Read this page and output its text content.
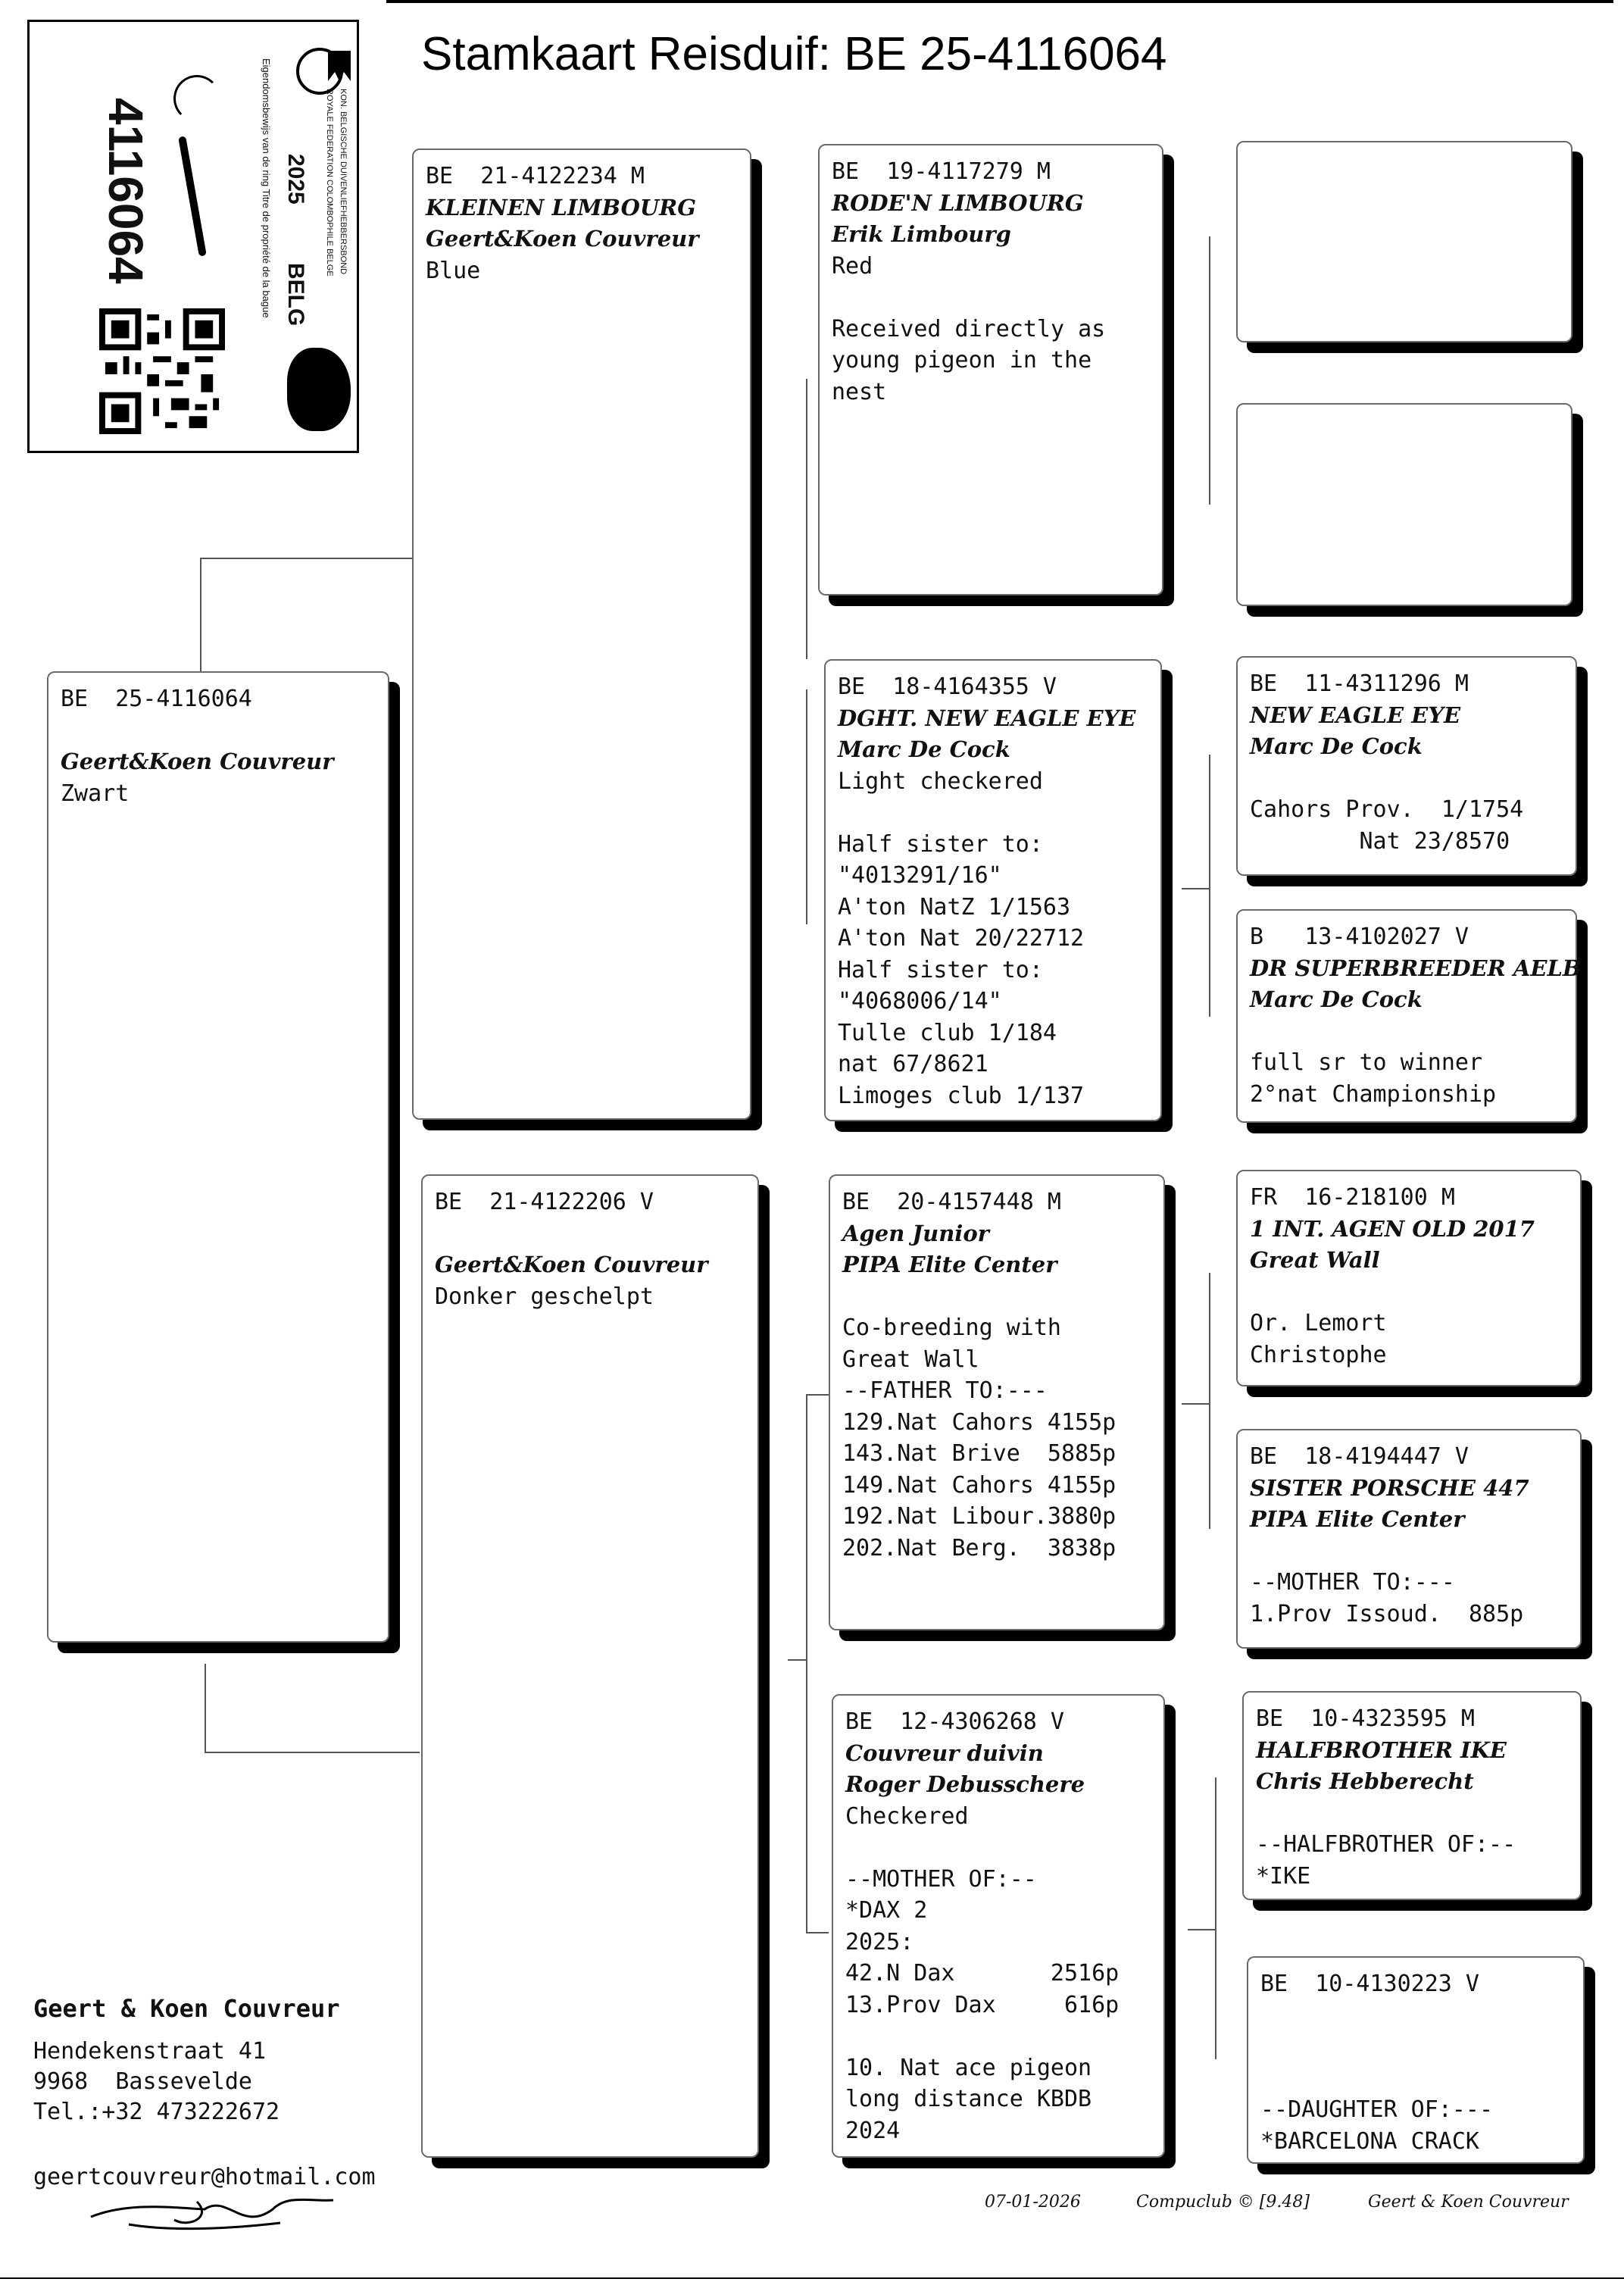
Stamkaart Reisduif: BE 25-4116064
4116064	2025
BELG
KON. BELGISCHE DUIVENLIEFHEBBERSBOND
ROYALE FEDERATION COLOMBOPHILE BELGE
Eigendomsbewijs van de ring Titre de propriété de la bague
BE  25-4116064
Geert&Koen Couvreur
Zwart
BE  21-4122234 M
KLEINEN LIMBOURG
Geert&Koen Couvreur
Blue
BE  21-4122206 V
Geert&Koen Couvreur
Donker geschelpt
BE  19-4117279 M
RODE'N LIMBOURG
Erik Limbourg
Red
Received directly as
young pigeon in the
nest
BE  18-4164355 V
DGHT. NEW EAGLE EYE
Marc De Cock
Light checkered
Half sister to:
"4013291/16"
A'ton NatZ 1/1563
A'ton Nat 20/22712
Half sister to:
"4068006/14"
Tulle club 1/184
nat 67/8621
Limoges club 1/137
BE  20-4157448 M
Agen Junior
PIPA Elite Center
Co-breeding with
Great Wall
--FATHER TO:---
129.Nat Cahors 4155p
143.Nat Brive  5885p
149.Nat Cahors 4155p
192.Nat Libour.3880p
202.Nat Berg.  3838p
BE  12-4306268 V
Couvreur duivin
Roger Debusschere
Checkered
--MOTHER OF:--
*DAX 2
2025:
42.N Dax       2516p
13.Prov Dax     616p
10. Nat ace pigeon
long distance KBDB
2024
BE  11-4311296 M
NEW EAGLE EYE
Marc De Cock
Cahors Prov.  1/1754
Nat 23/8570
B   13-4102027 V
DR SUPERBREEDER AELB
Marc De Cock
full sr to winner
2°nat Championship
FR  16-218100 M
1 INT. AGEN OLD 2017
Great Wall
Or. Lemort
Christophe
BE  18-4194447 V
SISTER PORSCHE 447
PIPA Elite Center
--MOTHER TO:---
1.Prov Issoud.  885p
BE  10-4323595 M
HALFBROTHER IKE
Chris Hebberecht
--HALFBROTHER OF:--
*IKE
BE  10-4130223 V
--DAUGHTER OF:---
*BARCELONA CRACK
Geert & Koen Couvreur
Hendekenstraat 41
9968  Bassevelde
Tel.:+32 473222672
geertcouvreur@hotmail.com
07-01-2026	Compuclub © [9.48]	Geert & Koen Couvreur
